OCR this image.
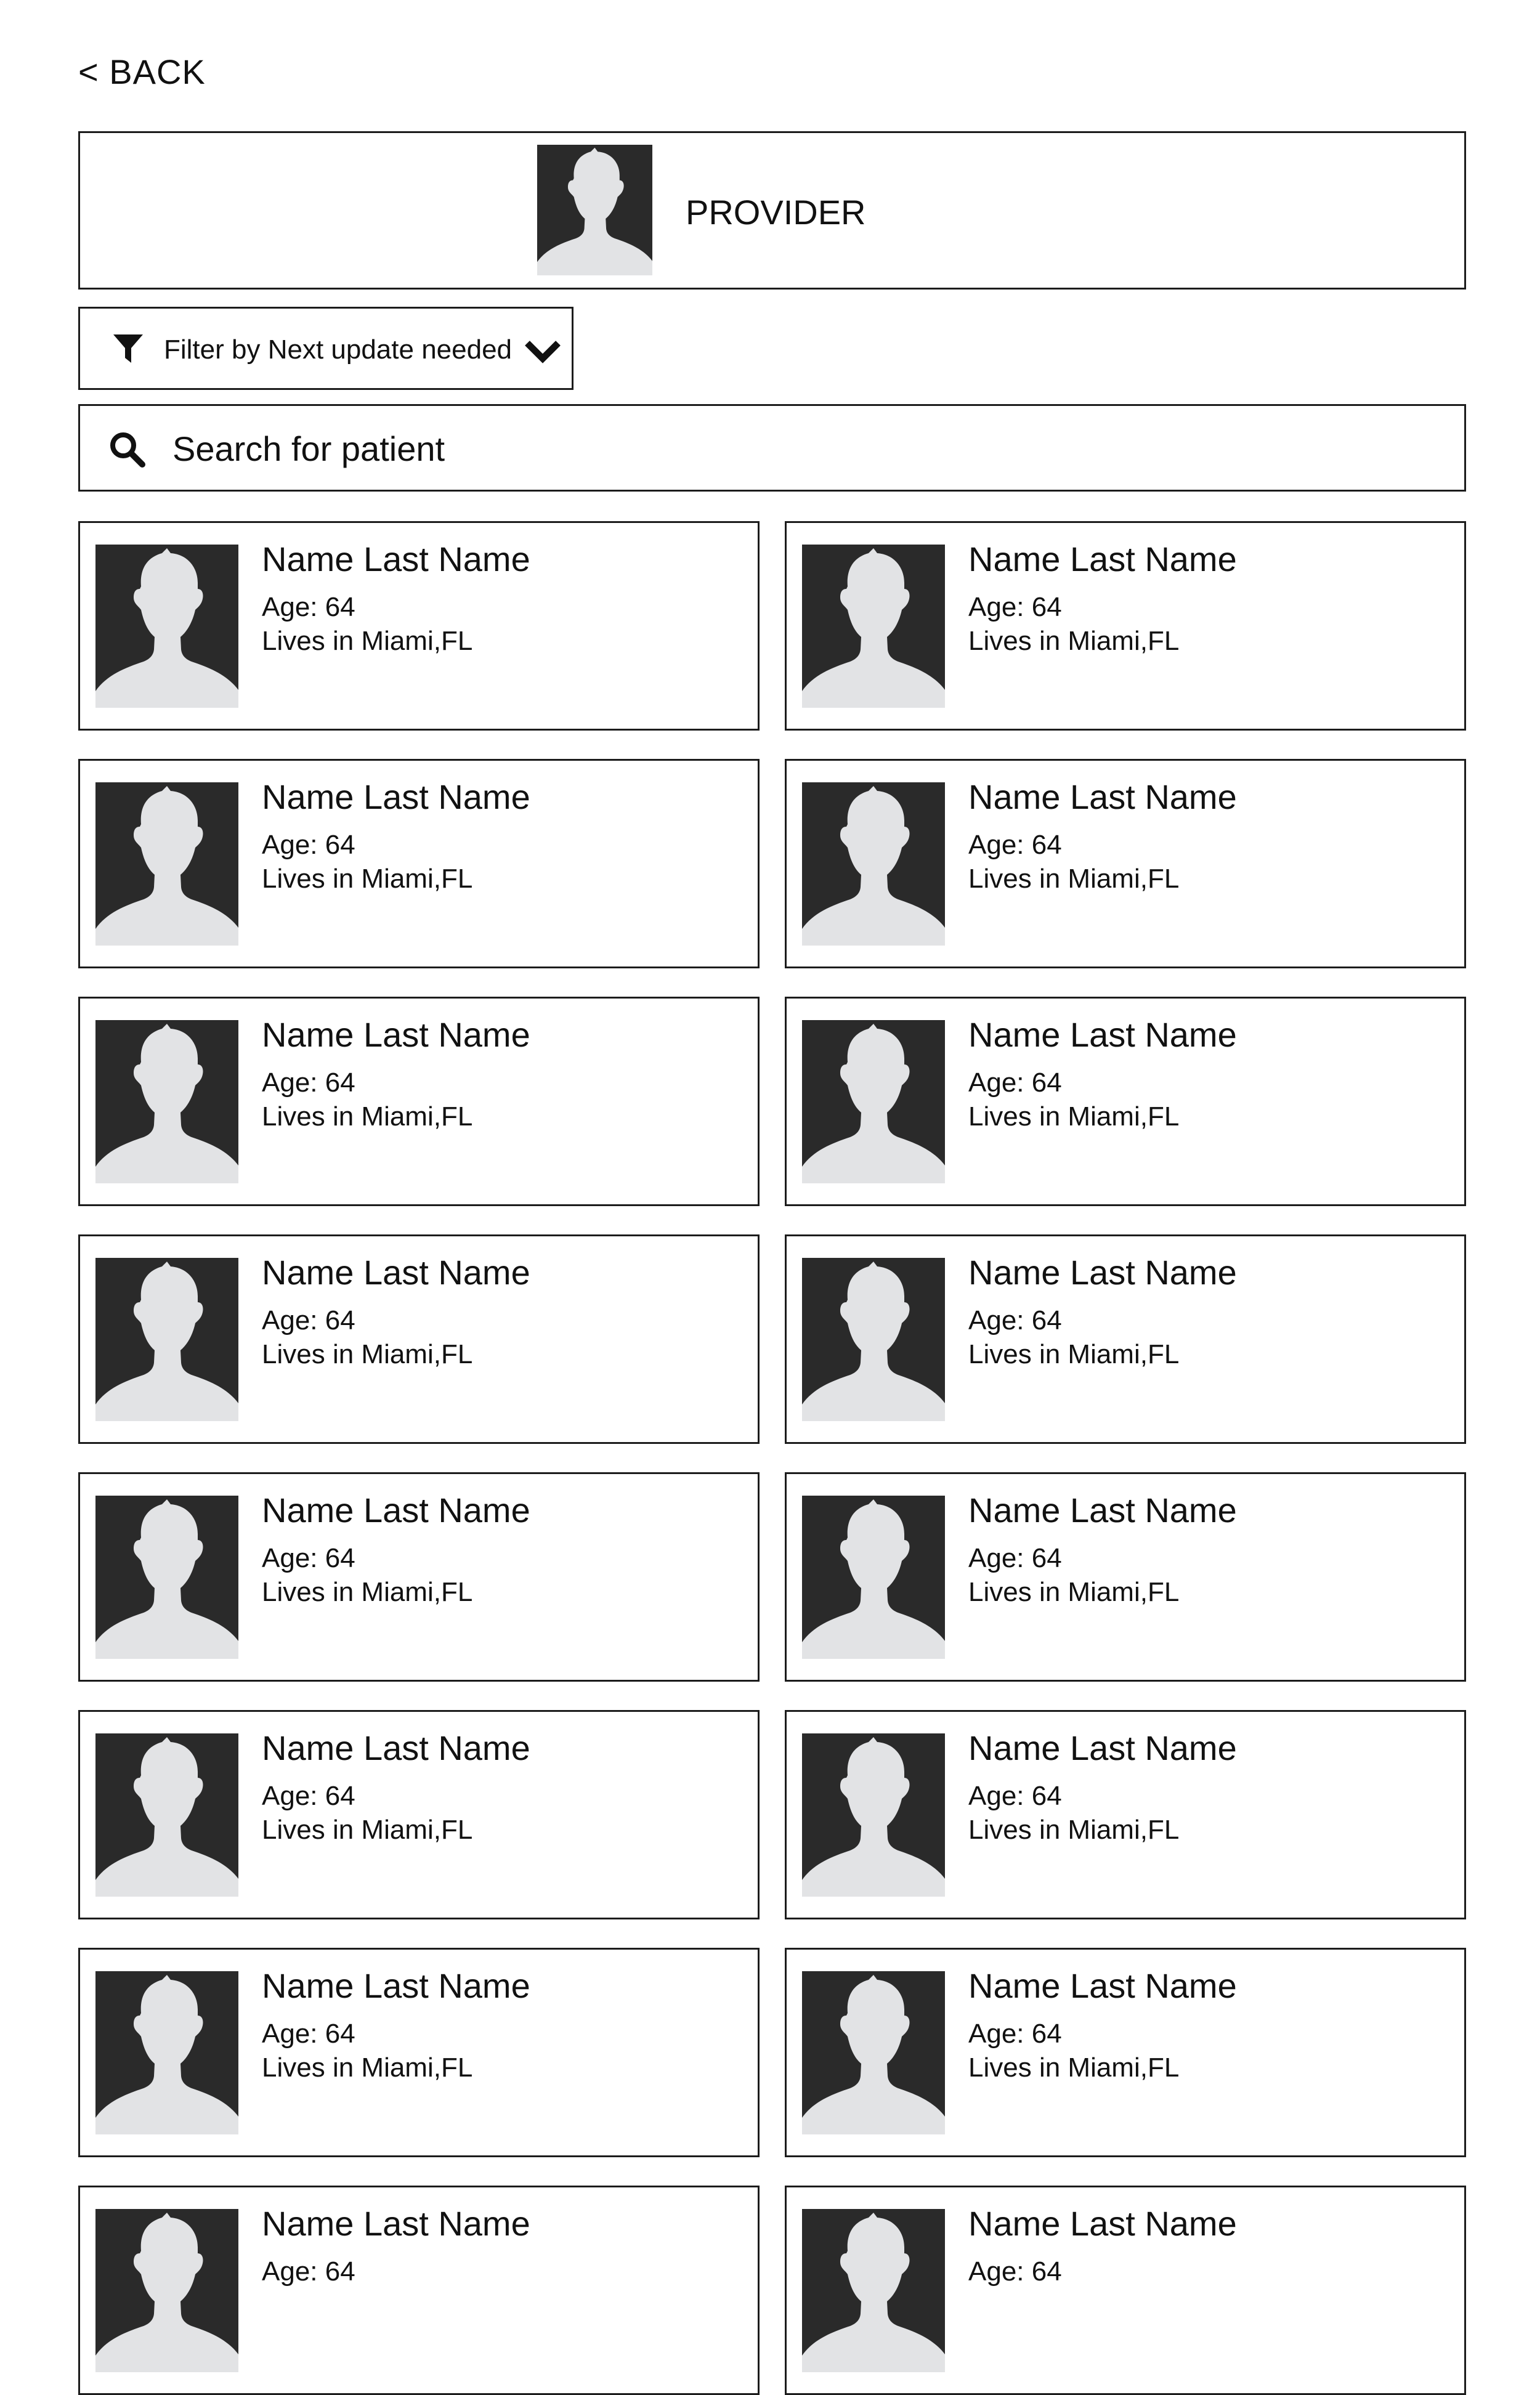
< BACK
PROVIDER
Filter by Next update needed
Search for patient
Name Last Name
Age: 64
Lives in Miami,FL
Name Last Name
Age: 64
Lives in Miami,FL
Name Last Name
Age: 64
Lives in Miami,FL
Name Last Name
Age: 64
Lives in Miami,FL
Name Last Name
Age: 64
Lives in Miami,FL
Name Last Name
Age: 64
Lives in Miami,FL
Name Last Name
Age: 64
Lives in Miami,FL
Name Last Name
Age: 64
Lives in Miami,FL
Name Last Name
Age: 64
Lives in Miami,FL
Name Last Name
Age: 64
Lives in Miami,FL
Name Last Name
Age: 64
Lives in Miami,FL
Name Last Name
Age: 64
Lives in Miami,FL
Name Last Name
Age: 64
Lives in Miami,FL
Name Last Name
Age: 64
Lives in Miami,FL
Name Last Name
Age: 64
Name Last Name
Age: 64
